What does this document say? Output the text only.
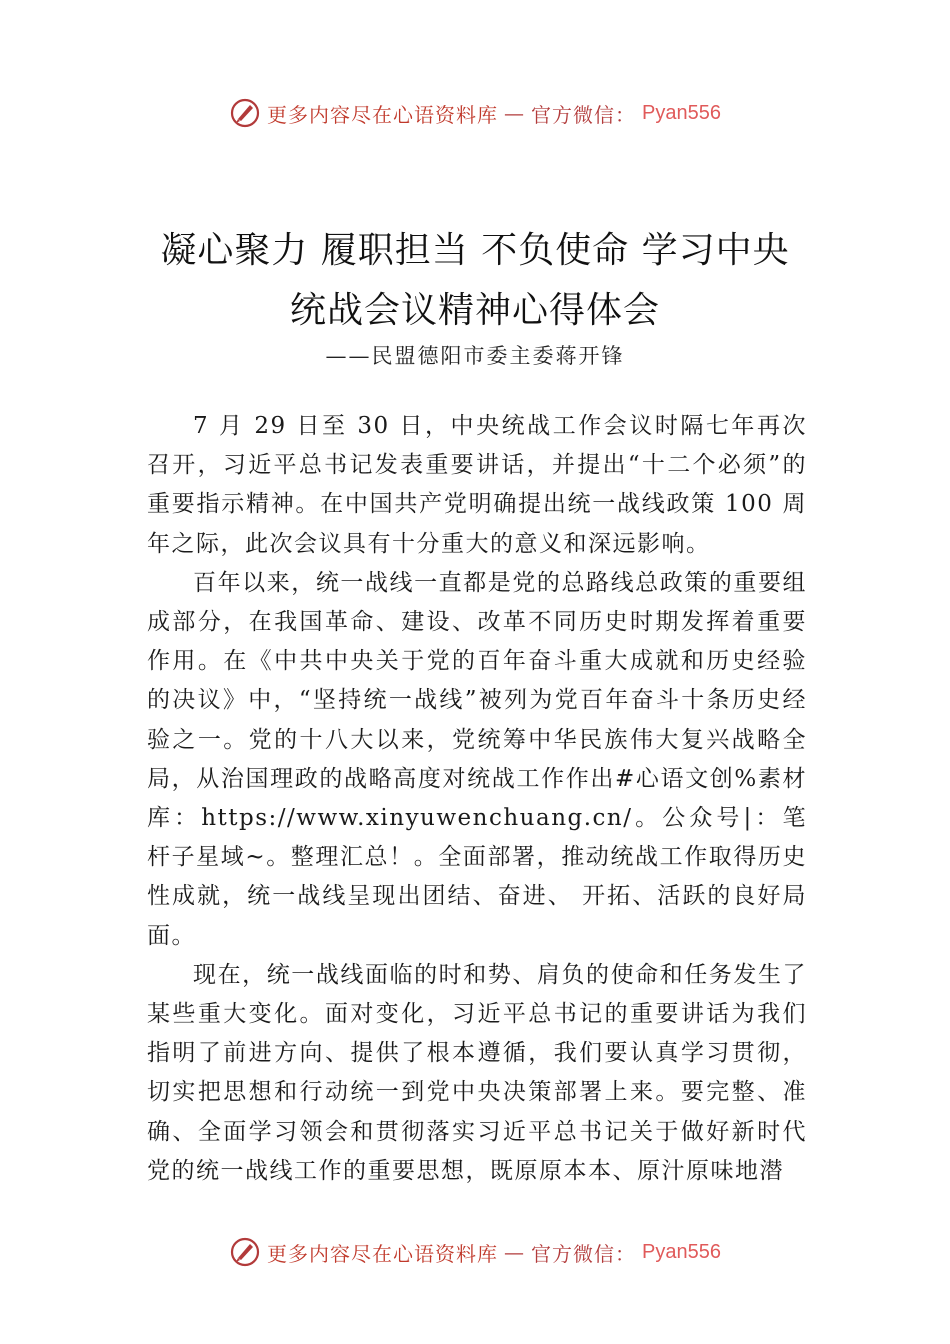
更多内容尽在心语资料库 — 官方微信： Pyan556
凝心聚力 履职担当 不负使命 学习中央
统战会议精神心得体会
——民盟德阳市委主委蒋开锋

7 月 29 日至 30 日，中央统战工作会议时隔七年再次召开，习近平总书记发表重要讲话，并提出“十二个必须”的重要指示精神。在中国共产党明确提出统一战线政策 100 周年之际，此次会议具有十分重大的意义和深远影响。

百年以来，统一战线一直都是党的总路线总政策的重要组成部分，在我国革命、建设、改革不同历史时期发挥着重要作用。在《中共中央关于党的百年奋斗重大成就和历史经验的决议》中，“坚持统一战线”被列为党百年奋斗十条历史经验之一。党的十八大以来，党统筹中华民族伟大复兴战略全局，从治国理政的战略高度对统战工作作出#心语文创%素材库：https://www.xinyuwenchuang.cn/。公众号|：笔杆子星域~。整理汇总！。全面部署，推动统战工作取得历史性成就，统一战线呈现出团结、奋进、 开拓、活跃的良好局面。

现在，统一战线面临的时和势、肩负的使命和任务发生了某些重大变化。面对变化，习近平总书记的重要讲话为我们指明了前进方向、提供了根本遵循，我们要认真学习贯彻，切实把思想和行动统一到党中央决策部署上来。要完整、准确、全面学习领会和贯彻落实习近平总书记关于做好新时代党的统一战线工作的重要思想，既原原本本、原汁原味地潜

更多内容尽在心语资料库 — 官方微信： Pyan556
